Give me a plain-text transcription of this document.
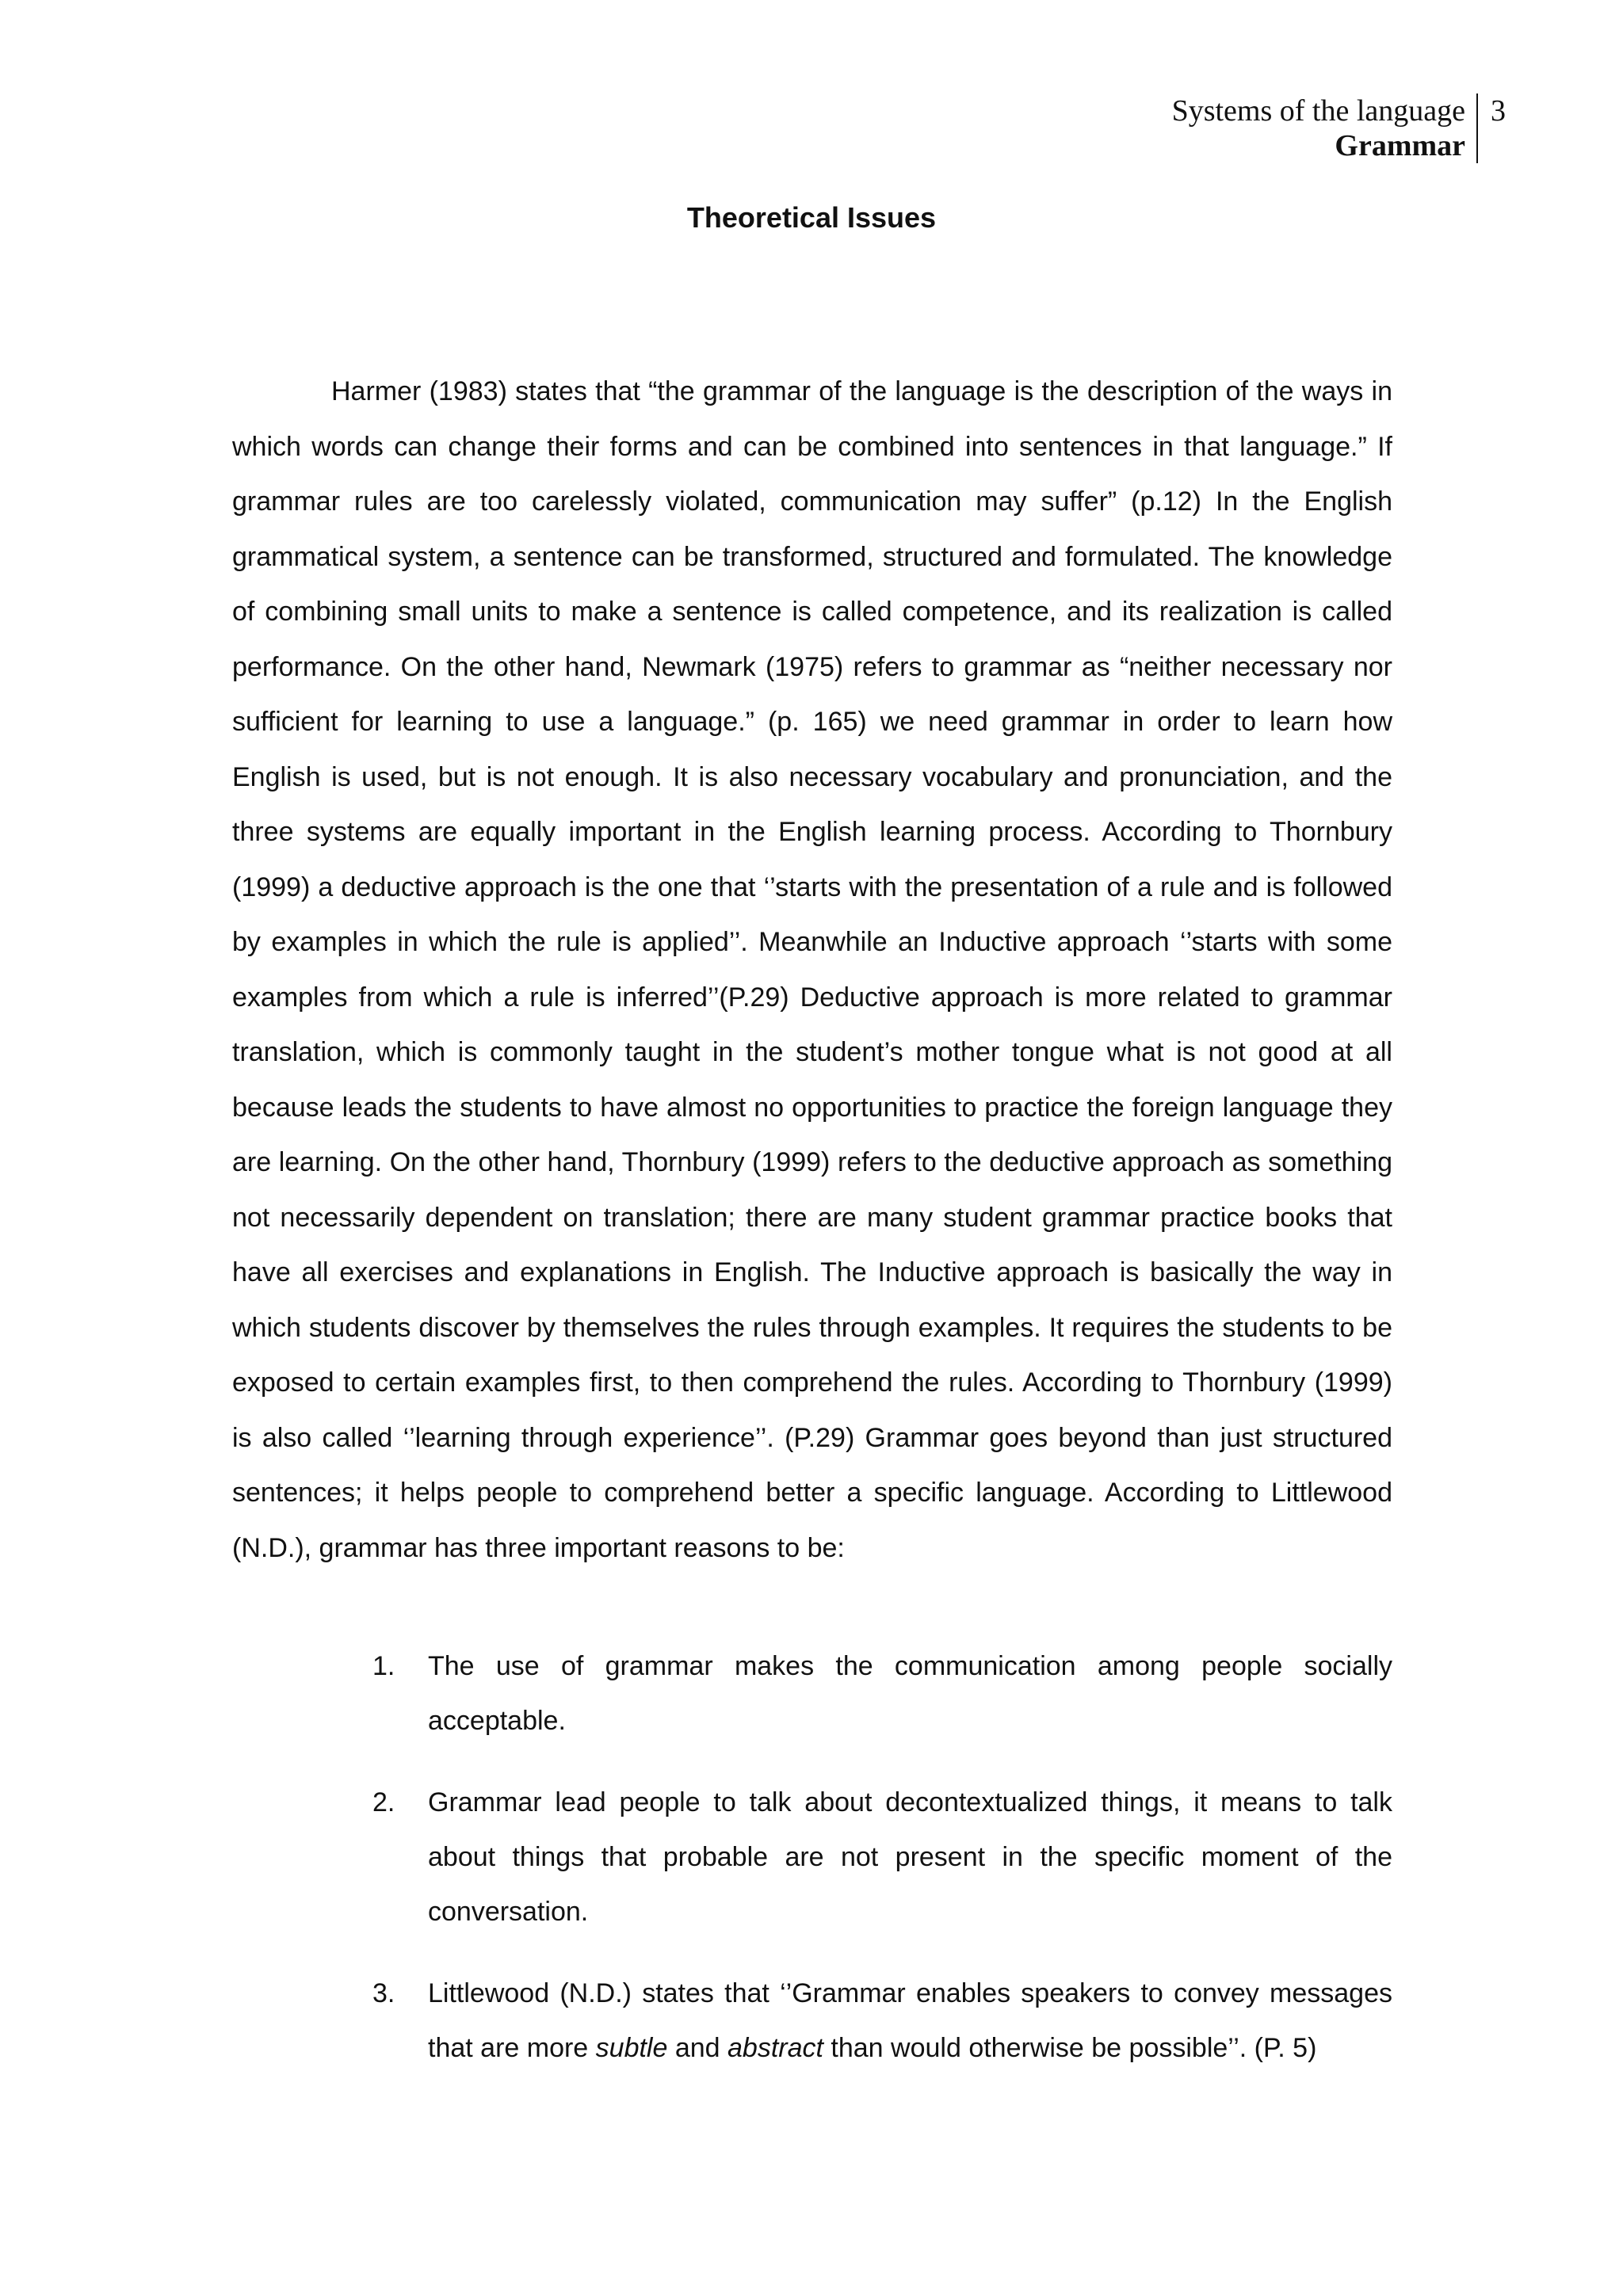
Systems of the language
Grammar
3
Theoretical Issues

Harmer (1983) states that “the grammar of the language is the description of the ways in which words can change their forms and can be combined into sentences in that language.” If grammar rules are too carelessly violated, communication may suffer” (p.12) In the English grammatical system, a sentence can be transformed, structured and formulated. The knowledge of combining small units to make a sentence is called competence, and its realization is called performance. On the other hand, Newmark (1975) refers to grammar as “neither necessary nor sufficient for learning to use a language.” (p. 165) we need grammar in order to learn how English is used, but is not enough. It is also necessary vocabulary and pronunciation, and the three systems are equally important in the English learning process. According to Thornbury (1999) a deductive approach is the one that ‘’starts with the presentation of a rule and is followed by examples in which the rule is applied’’. Meanwhile an Inductive approach ‘’starts with some examples from which a rule is inferred’’(P.29) Deductive approach is more related to grammar translation, which is commonly taught in the student’s mother tongue what is not good at all because leads the students to have almost no opportunities to practice the foreign language they are learning. On the other hand, Thornbury (1999) refers to the deductive approach as something not necessarily dependent on translation; there are many student grammar practice books that have all exercises and explanations in English. The Inductive approach is basically the way in which students discover by themselves the rules through examples. It requires the students to be exposed to certain examples first, to then comprehend the rules. According to Thornbury (1999) is also called ‘’learning through experience’’. (P.29) Grammar goes beyond than just structured sentences; it helps people to comprehend better a specific language. According to Littlewood (N.D.), grammar has three important reasons to be:

1.	The use of grammar makes the communication among people socially acceptable.
2.	Grammar lead people to talk about decontextualized things, it means to talk about things that probable are not present in the specific moment of the conversation.
3.	Littlewood (N.D.) states that ‘’Grammar enables speakers to convey messages that are more subtle and abstract than would otherwise be possible’’. (P. 5)
